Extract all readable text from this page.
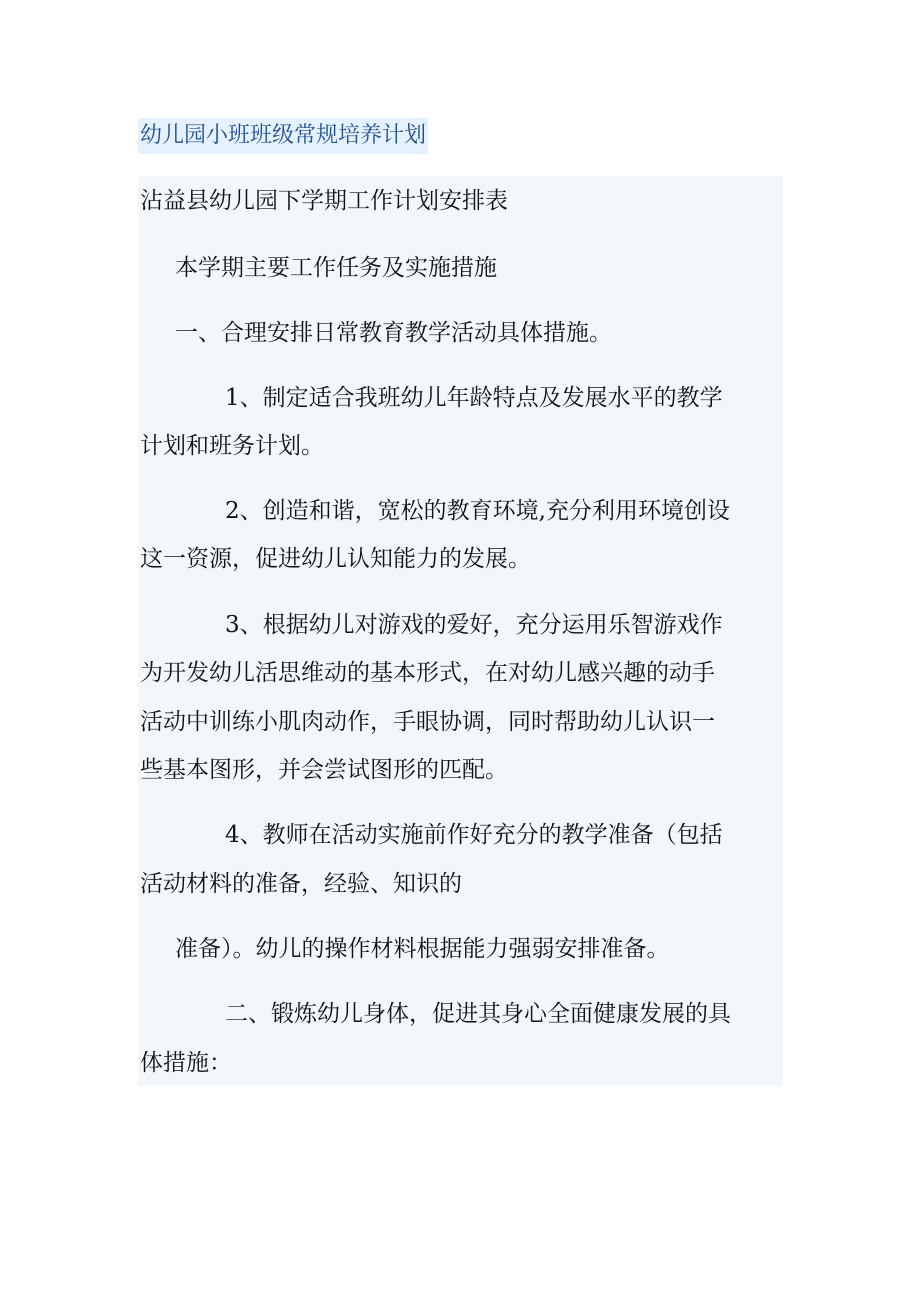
幼儿园小班班级常规培养计划
沾益县幼儿园下学期工作计划安排表
本学期主要工作任务及实施措施
一、合理安排日常教育教学活动具体措施。
1、制定适合我班幼儿年龄特点及发展水平的教学
计划和班务计划。
2、创造和谐，宽松的教育环境,充分利用环境创设
这一资源，促进幼儿认知能力的发展。
3、根据幼儿对游戏的爱好，充分运用乐智游戏作
为开发幼儿活思维动的基本形式，在对幼儿感兴趣的动手
活动中训练小肌肉动作，手眼协调，同时帮助幼儿认识一
些基本图形，并会尝试图形的匹配。
4、教师在活动实施前作好充分的教学准备（包括
活动材料的准备，经验、知识的
准备）。幼儿的操作材料根据能力强弱安排准备。
二、锻炼幼儿身体，促进其身心全面健康发展的具
体措施：
